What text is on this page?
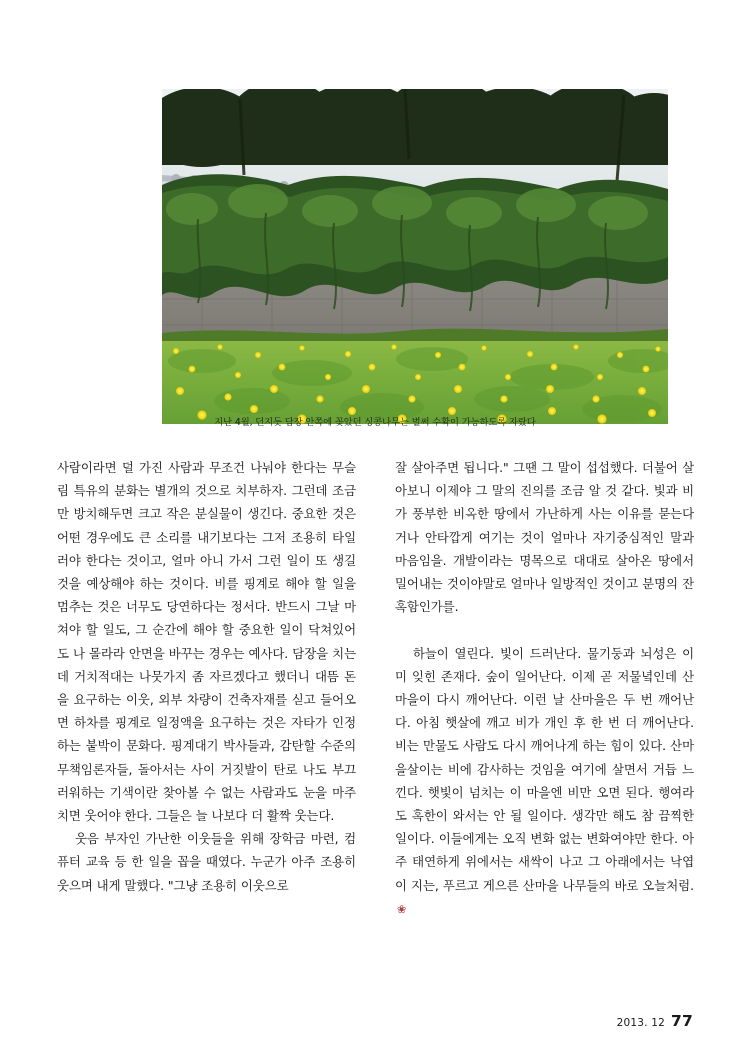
지난 4월, 던지듯 담장 안쪽에 꽂았던 싱콩나무는 벌써 수확이 가능하도록 자랐다

사람이라면 덜 가진 사람과 무조건 나눠야 한다는 무슬림 특유의 분화는 별개의 것으로 치부하자. 그런데 조금만 방치해두면 크고 작은 분실물이 생긴다. 중요한 것은 어떤 경우에도 큰 소리를 내기보다는 그저 조용히 타일러야 한다는 것이고, 얼마 아니 가서 그런 일이 또 생길 것을 예상해야 하는 것이다. 비를 핑계로 해야 할 일을 멈추는 것은 너무도 당연하다는 정서다. 반드시 그날 마쳐야 할 일도, 그 순간에 해야 할 중요한 일이 닥쳐있어도 나 몰라라 안면을 바꾸는 경우는 예사다. 담장을 치는데 거치적대는 나뭇가지 좀 자르겠다고 했더니 대뜸 돈을 요구하는 이웃, 외부 차량이 건축자재를 싣고 들어오면 하차를 핑계로 일정액을 요구하는 것은 자타가 인정하는 붙박이 문화다. 핑계대기 박사들과, 감탄할 수준의 무책임론자들, 돌아서는 사이 거짓발이 탄로 나도 부끄러워하는 기색이란 찾아볼 수 없는 사람과도 눈을 마주치면 웃어야 한다. 그들은 늘 나보다 더 활짝 웃는다.

웃음 부자인 가난한 이웃들을 위해 장학금 마련, 컴퓨터 교육 등 한 일을 꼽을 때였다. 누군가 아주 조용히 웃으며 내게 말했다. "그냥 조용히 이웃으로

잘 살아주면 됩니다." 그땐 그 말이 섭섭했다. 더불어 살아보니 이제야 그 말의 진의를 조금 알 것 같다. 빛과 비가 풍부한 비옥한 땅에서 가난하게 사는 이유를 묻는다거나 안타깝게 여기는 것이 얼마나 자기중심적인 말과 마음임을. 개발이라는 명목으로 대대로 살아온 땅에서 밀어내는 것이야말로 얼마나 일방적인 것이고 분명의 잔혹함인가를.

하늘이 열린다. 빛이 드러난다. 물기둥과 뇌성은 이미 잊힌 존재다. 숲이 일어난다. 이제 곧 저물녘인데 산마을이 다시 깨어난다. 이런 날 산마을은 두 번 깨어난다. 아침 햇살에 깨고 비가 개인 후 한 번 더 깨어난다. 비는 만물도 사람도 다시 깨어나게 하는 힘이 있다. 산마을살이는 비에 감사하는 것임을 여기에 살면서 거듭 느낀다. 햇빛이 넘치는 이 마을엔 비만 오면 된다. 행여라도 혹한이 와서는 안 될 일이다. 생각만 해도 참 끔찍한 일이다. 이들에게는 오직 변화 없는 변화여야만 한다. 아주 태연하게 위에서는 새싹이 나고 그 아래에서는 낙엽이 지는, 푸르고 게으른 산마을 나무들의 바로 오늘처럼.❀

2013. 12 77
